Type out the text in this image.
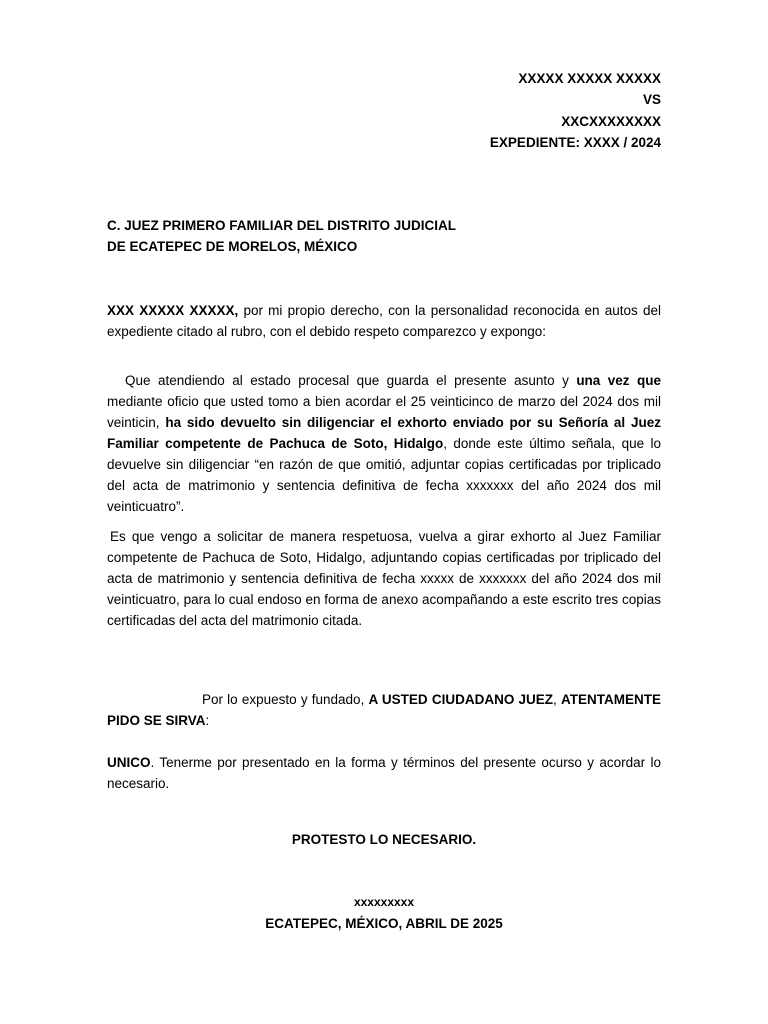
XXXXX XXXXX XXXXX
VS
XXCXXXXXXXX
EXPEDIENTE: XXXX / 2024
C. JUEZ PRIMERO FAMILIAR DEL DISTRITO JUDICIAL
DE ECATEPEC DE MORELOS, MÉXICO

XXX XXXXX XXXXX, por mi propio derecho, con la personalidad reconocida en autos del expediente citado al rubro, con el debido respeto comparezco y expongo:

Que atendiendo al estado procesal que guarda el presente asunto y una vez que mediante oficio que usted tomo a bien acordar el 25 veinticinco de marzo del 2024 dos mil veinticin, ha sido devuelto sin diligenciar el exhorto enviado por su Señoría al Juez Familiar competente de Pachuca de Soto, Hidalgo, donde este último señala, que lo devuelve sin diligenciar “en razón de que omitió, adjuntar copias certificadas por triplicado del acta de matrimonio y sentencia definitiva de fecha xxxxxxx del año 2024 dos mil veinticuatro”.

Es que vengo a solicitar de manera respetuosa, vuelva a girar exhorto al Juez Familiar competente de Pachuca de Soto, Hidalgo, adjuntando copias certificadas por triplicado del acta de matrimonio y sentencia definitiva de fecha xxxxx de xxxxxxx del año 2024 dos mil veinticuatro, para lo cual endoso en forma de anexo acompañando a este escrito tres copias certificadas del acta del matrimonio citada.

Por lo expuesto y fundado, A USTED CIUDADANO JUEZ, ATENTAMENTE PIDO SE SIRVA:

UNICO. Tenerme por presentado en la forma y términos del presente ocurso y acordar lo necesario.

PROTESTO LO NECESARIO.
xxxxxxxxx
ECATEPEC, MÉXICO, ABRIL DE 2025
